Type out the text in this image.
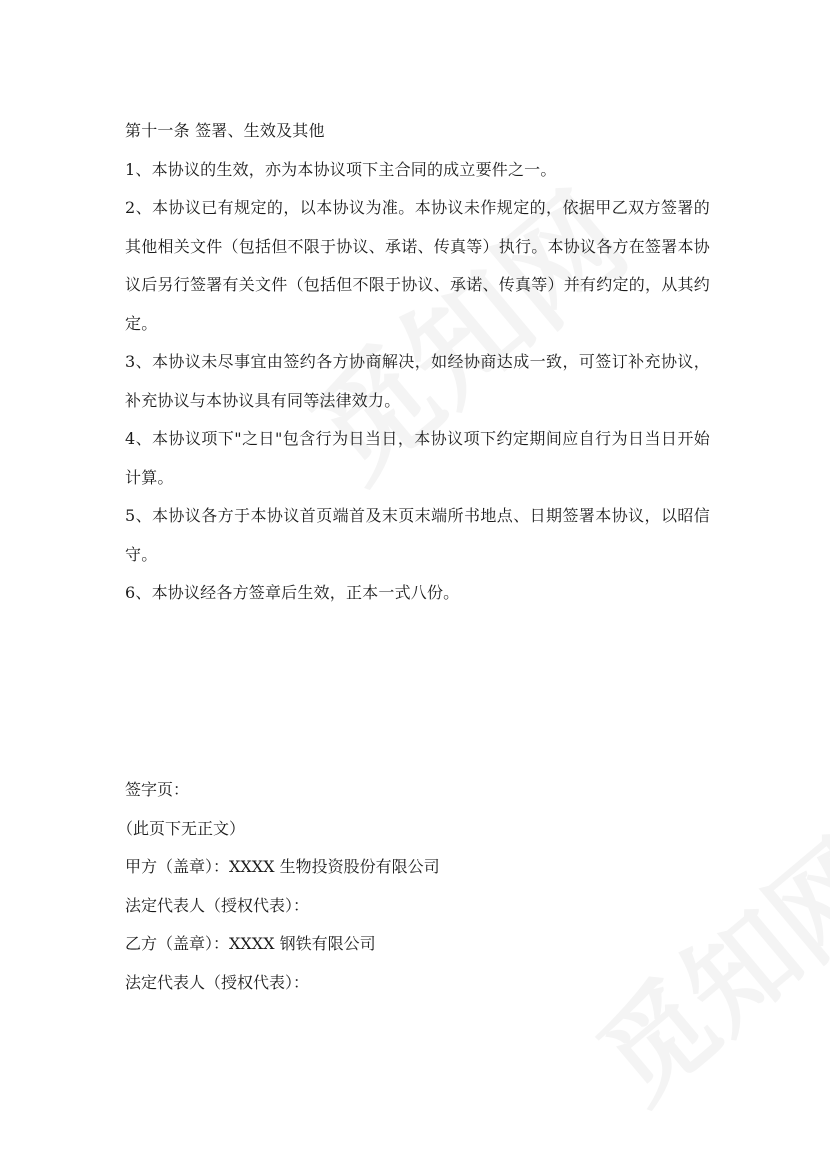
第十一条 签署、生效及其他

1、本协议的生效，亦为本协议项下主合同的成立要件之一。

2、本协议已有规定的，以本协议为准。本协议未作规定的，依据甲乙双方签署的其他相关文件（包括但不限于协议、承诺、传真等）执行。本协议各方在签署本协议后另行签署有关文件（包括但不限于协议、承诺、传真等）并有约定的，从其约定。

3、本协议未尽事宜由签约各方协商解决，如经协商达成一致，可签订补充协议，补充协议与本协议具有同等法律效力。

4、本协议项下"之日"包含行为日当日，本协议项下约定期间应自行为日当日开始计算。

5、本协议各方于本协议首页端首及末页末端所书地点、日期签署本协议，以昭信守。

6、本协议经各方签章后生效，正本一式八份。

签字页：

（此页下无正文）

甲方（盖章）：XXXX 生物投资股份有限公司

法定代表人（授权代表）：

乙方（盖章）：XXXX 钢铁有限公司

法定代表人（授权代表）：
